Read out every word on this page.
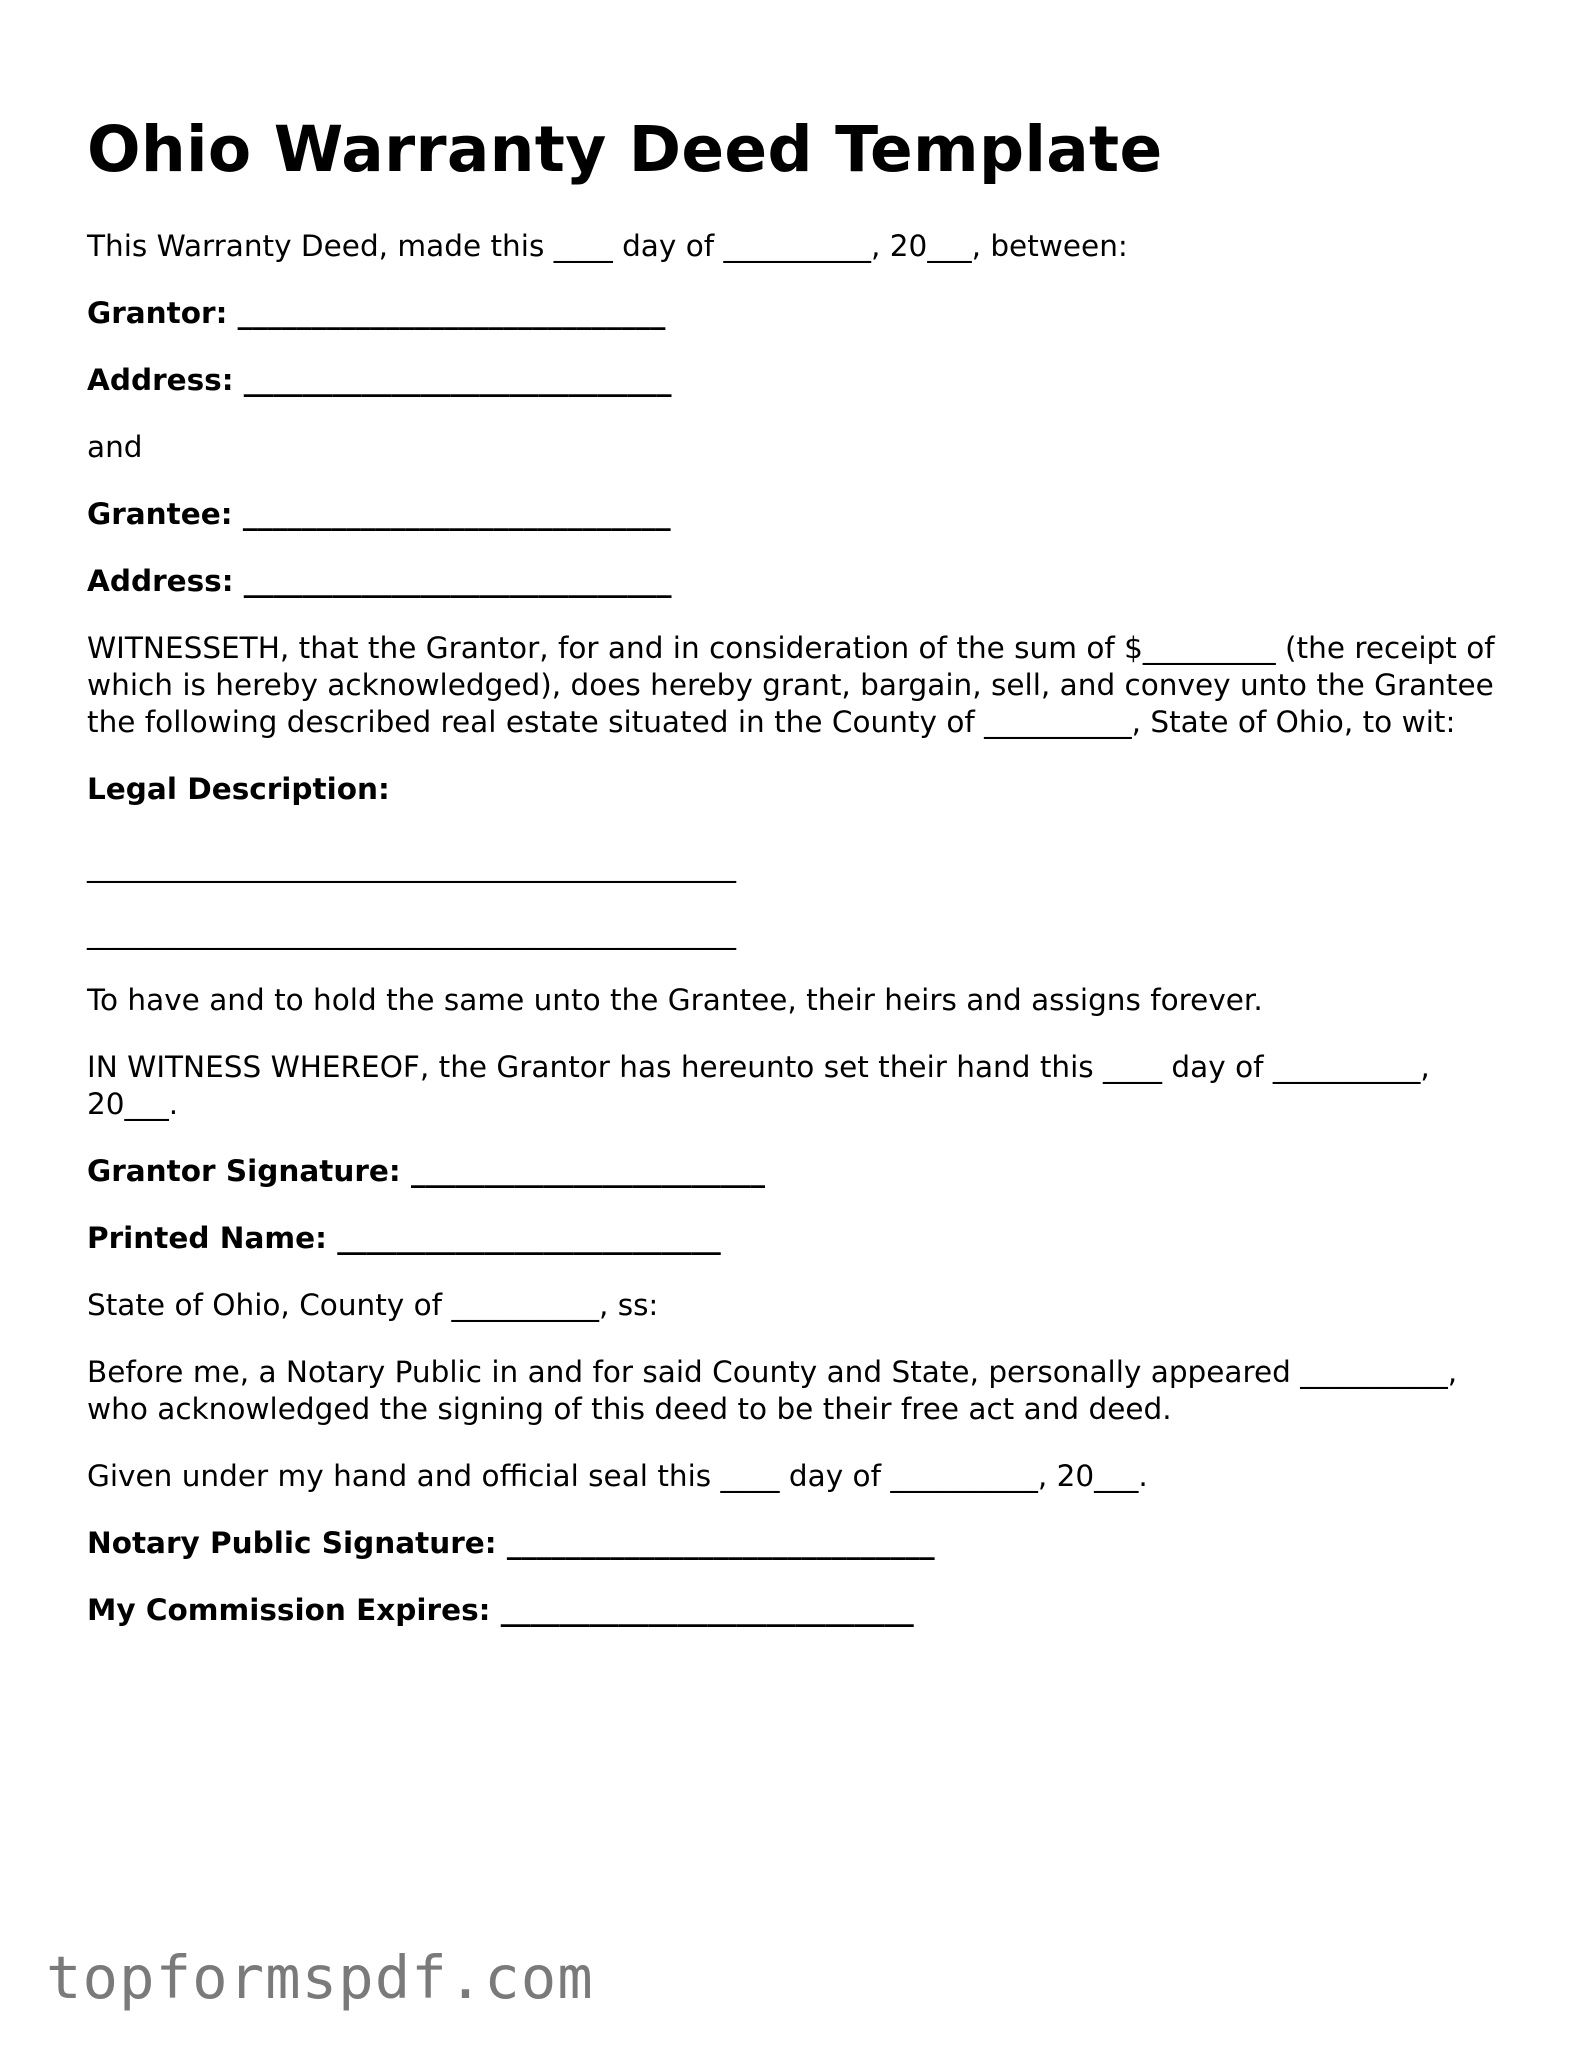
Ohio Warranty Deed Template

This Warranty Deed, made this ____ day of __________, 20___, between:

Grantor: _____________________________

Address: _____________________________

and

Grantee: _____________________________

Address: _____________________________

WITNESSETH, that the Grantor, for and in consideration of the sum of $_________ (the receipt of which is hereby acknowledged), does hereby grant, bargain, sell, and convey unto the Grantee the following described real estate situated in the County of __________, State of Ohio, to wit:

Legal Description:

____________________________________________
____________________________________________

To have and to hold the same unto the Grantee, their heirs and assigns forever.

IN WITNESS WHEREOF, the Grantor has hereunto set their hand this ____ day of __________, 20___.

Grantor Signature: ________________________

Printed Name: __________________________

State of Ohio, County of __________, ss:

Before me, a Notary Public in and for said County and State, personally appeared __________, who acknowledged the signing of this deed to be their free act and deed.

Given under my hand and official seal this ____ day of __________, 20___.

Notary Public Signature: _____________________________

My Commission Expires: ____________________________

topformspdf.com
